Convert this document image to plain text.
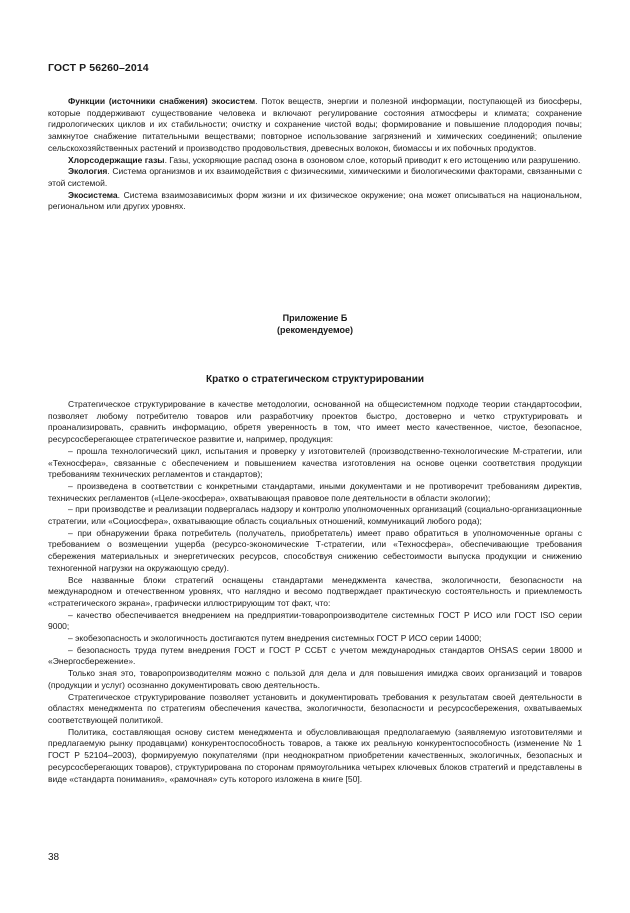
ГОСТ Р 56260–2014

Функции (источники снабжения) экосистем. Поток веществ, энергии и полезной информации, поступающей из биосферы, которые поддерживают существование человека и включают регулирование состояния атмосферы и климата; сохранение гидрологических циклов и их стабильности; очистку и сохранение чистой воды; формирование и повышение плодородия почвы; замкнутое снабжение питательными веществами; повторное использование загрязнений и химических соединений; опыление сельскохозяйственных растений и производство продовольствия, древесных волокон, биомассы и их побочных продуктов.

Хлорсодержащие газы. Газы, ускоряющие распад озона в озоновом слое, который приводит к его истощению или разрушению.

Экология. Система организмов и их взаимодействия с физическими, химическими и биологическими факторами, связанными с этой системой.

Экосистема. Система взаимозависимых форм жизни и их физическое окружение; она может описываться на национальном, региональном или других уровнях.

Приложение Б
(рекомендуемое)
Кратко о стратегическом структурировании

Стратегическое структурирование в качестве методологии, основанной на общесистемном подходе теории стандартософии, позволяет любому потребителю товаров или разработчику проектов быстро, достоверно и четко структурировать и проанализировать, сравнить информацию, обретя уверенность в том, что имеет место качественное, чистое, безопасное, ресурсосберегающее стратегическое развитие и, например, продукция:

– прошла технологический цикл, испытания и проверку у изготовителей (производственно-технологические М-стратегии, или «Техносфера», связанные с обеспечением и повышением качества изготовления на основе оценки соответствия продукции требованиям технических регламентов и стандартов);

– произведена в соответствии с конкретными стандартами, иными документами и не противоречит требованиям директив, технических регламентов («Целе-экосфера», охватывающая правовое поле деятельности в области экологии);

– при производстве и реализации подвергалась надзору и контролю уполномоченных организаций (социально-организационные стратегии, или «Социосфера», охватывающие область социальных отношений, коммуникаций любого рода);

– при обнаружении брака потребитель (получатель, приобретатель) имеет право обратиться в уполномоченные органы с требованием о возмещении ущерба (ресурсо-экономические Т-стратегии, или «Техносфера», обеспечивающие требования сбережения материальных и энергетических ресурсов, способствуя снижению себестоимости выпуска продукции и снижению техногенной нагрузки на окружающую среду).

Все названные блоки стратегий оснащены стандартами менеджмента качества, экологичности, безопасности на международном и отечественном уровнях, что наглядно и весомо подтверждает практическую состоятельность и приемлемость «стратегического экрана», графически иллюстрирующим тот факт, что:

– качество обеспечивается внедрением на предприятии-товаропроизводителе системных ГОСТ Р ИСО или ГОСТ ISO серии 9000;

– экобезопасность и экологичность достигаются путем внедрения системных ГОСТ Р ИСО серии 14000;

– безопасность труда путем внедрения ГОСТ и ГОСТ Р ССБТ с учетом международных стандартов OHSAS серии 18000 и «Энергосбережение».

Только зная это, товаропроизводителям можно с пользой для дела и для повышения имиджа своих организаций и товаров (продукции и услуг) осознанно документировать свою деятельность.

Стратегическое структурирование позволяет установить и документировать требования к результатам своей деятельности в областях менеджмента по стратегиям обеспечения качества, экологичности, безопасности и ресурсосбережения, охватываемых соответствующей политикой.

Политика, составляющая основу систем менеджмента и обусловливающая предполагаемую (заявляемую изготовителями и предлагаемую рынку продавцами) конкурентоспособность товаров, а также их реальную конкурентоспособность (изменение № 1 ГОСТ Р 52104–2003), формируемую покупателями (при неоднократном приобретении качественных, экологичных, безопасных и ресурсосберегающих товаров), структурирована по сторонам прямоугольника четырех ключевых блоков стратегий и представлены в виде «стандарта понимания», «рамочная» суть которого изложена в книге [50].

38
